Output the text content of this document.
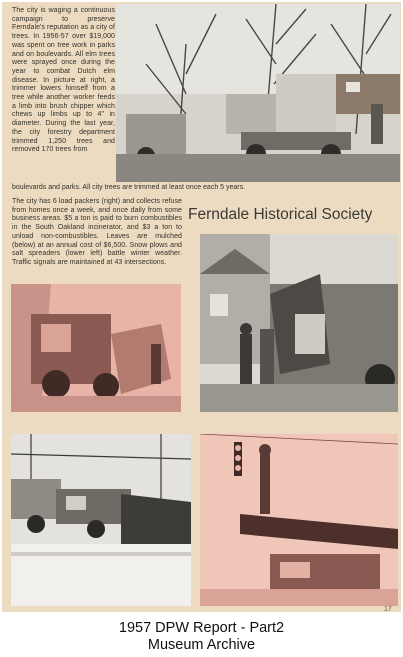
The city is waging a continuous campaign to preserve Ferndale's reputation as a city of trees. In 1956-57 over $19,000 was spent on tree work in parks and on boulevards. All elm trees were sprayed once during the year to combat Dutch elm disease. In picture at right, a trimmer lowers himself from a tree while another worker feeds a limb into brush chipper which chews up limbs up to 4" in diameter. During the last year, the city forestry department trimmed 1,250 trees and removed 170 trees from
boulevards and parks. All city trees are trimmed at least once each 5 years.
The city has 6 load packers (right) and collects refuse from homes once a week, and once daily from some business areas. $5 a ton is paid to burn combustibles in the South Oakland incinerator, and $3 a ton to unload non-combustibles. Leaves are mulched (below) at an annual cost of $6,500. Snow plows and salt spreaders (lower left) battle winter weather. Traffic signals are maintained at 43 intersections.
Ferndale Historical Society
17
1957 DPW Report - Part2
Museum Archive
